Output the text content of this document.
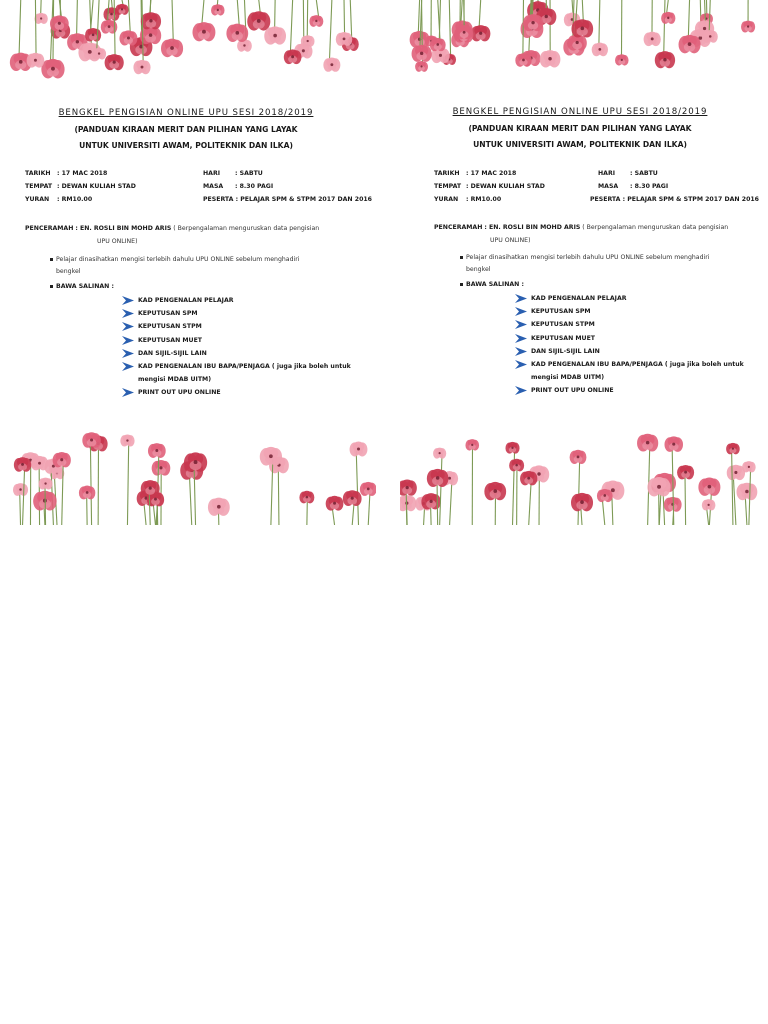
BENGKEL PENGISIAN ONLINE UPU SESI 2018/2019
(PANDUAN KIRAAN MERIT DAN PILIHAN YANG LAYAK
UNTUK UNIVERSITI AWAM, POLITEKNIK DAN ILKA)
TARIKH : 17 MAC 2018	HARI : SABTU
TEMPAT : DEWAN KULIAH STAD	MASA : 8.30 PAGI
YURAN : RM10.00	PESERTA : PELAJAR SPM & STPM 2017 DAN 2016
PENCERAMAH : EN. ROSLI BIN MOHD ARIS ( Berpengalaman menguruskan data pengisian
UPU ONLINE)
Pelajar dinasihatkan mengisi terlebih dahulu UPU ONLINE sebelum menghadiri
bengkel
BAWA SALINAN :
KAD PENGENALAN PELAJAR
KEPUTUSAN SPM
KEPUTUSAN STPM
KEPUTUSAN MUET
DAN SIJIL-SIJIL LAIN
KAD PENGENALAN IBU BAPA/PENJAGA ( juga jika boleh untuk
mengisi MDAB UITM)
PRINT OUT UPU ONLINE
BENGKEL PENGISIAN ONLINE UPU SESI 2018/2019
(PANDUAN KIRAAN MERIT DAN PILIHAN YANG LAYAK
UNTUK UNIVERSITI AWAM, POLITEKNIK DAN ILKA)
TARIKH : 17 MAC 2018	HARI : SABTU
TEMPAT : DEWAN KULIAH STAD	MASA : 8.30 PAGI
YURAN : RM10.00	PESERTA : PELAJAR SPM & STPM 2017 DAN 2016
PENCERAMAH : EN. ROSLI BIN MOHD ARIS ( Berpengalaman menguruskan data pengisian
UPU ONLINE)
Pelajar dinasihatkan mengisi terlebih dahulu UPU ONLINE sebelum menghadiri
bengkel
BAWA SALINAN :
KAD PENGENALAN PELAJAR
KEPUTUSAN SPM
KEPUTUSAN STPM
KEPUTUSAN MUET
DAN SIJIL-SIJIL LAIN
KAD PENGENALAN IBU BAPA/PENJAGA ( juga jika boleh untuk
mengisi MDAB UITM)
PRINT OUT UPU ONLINE
